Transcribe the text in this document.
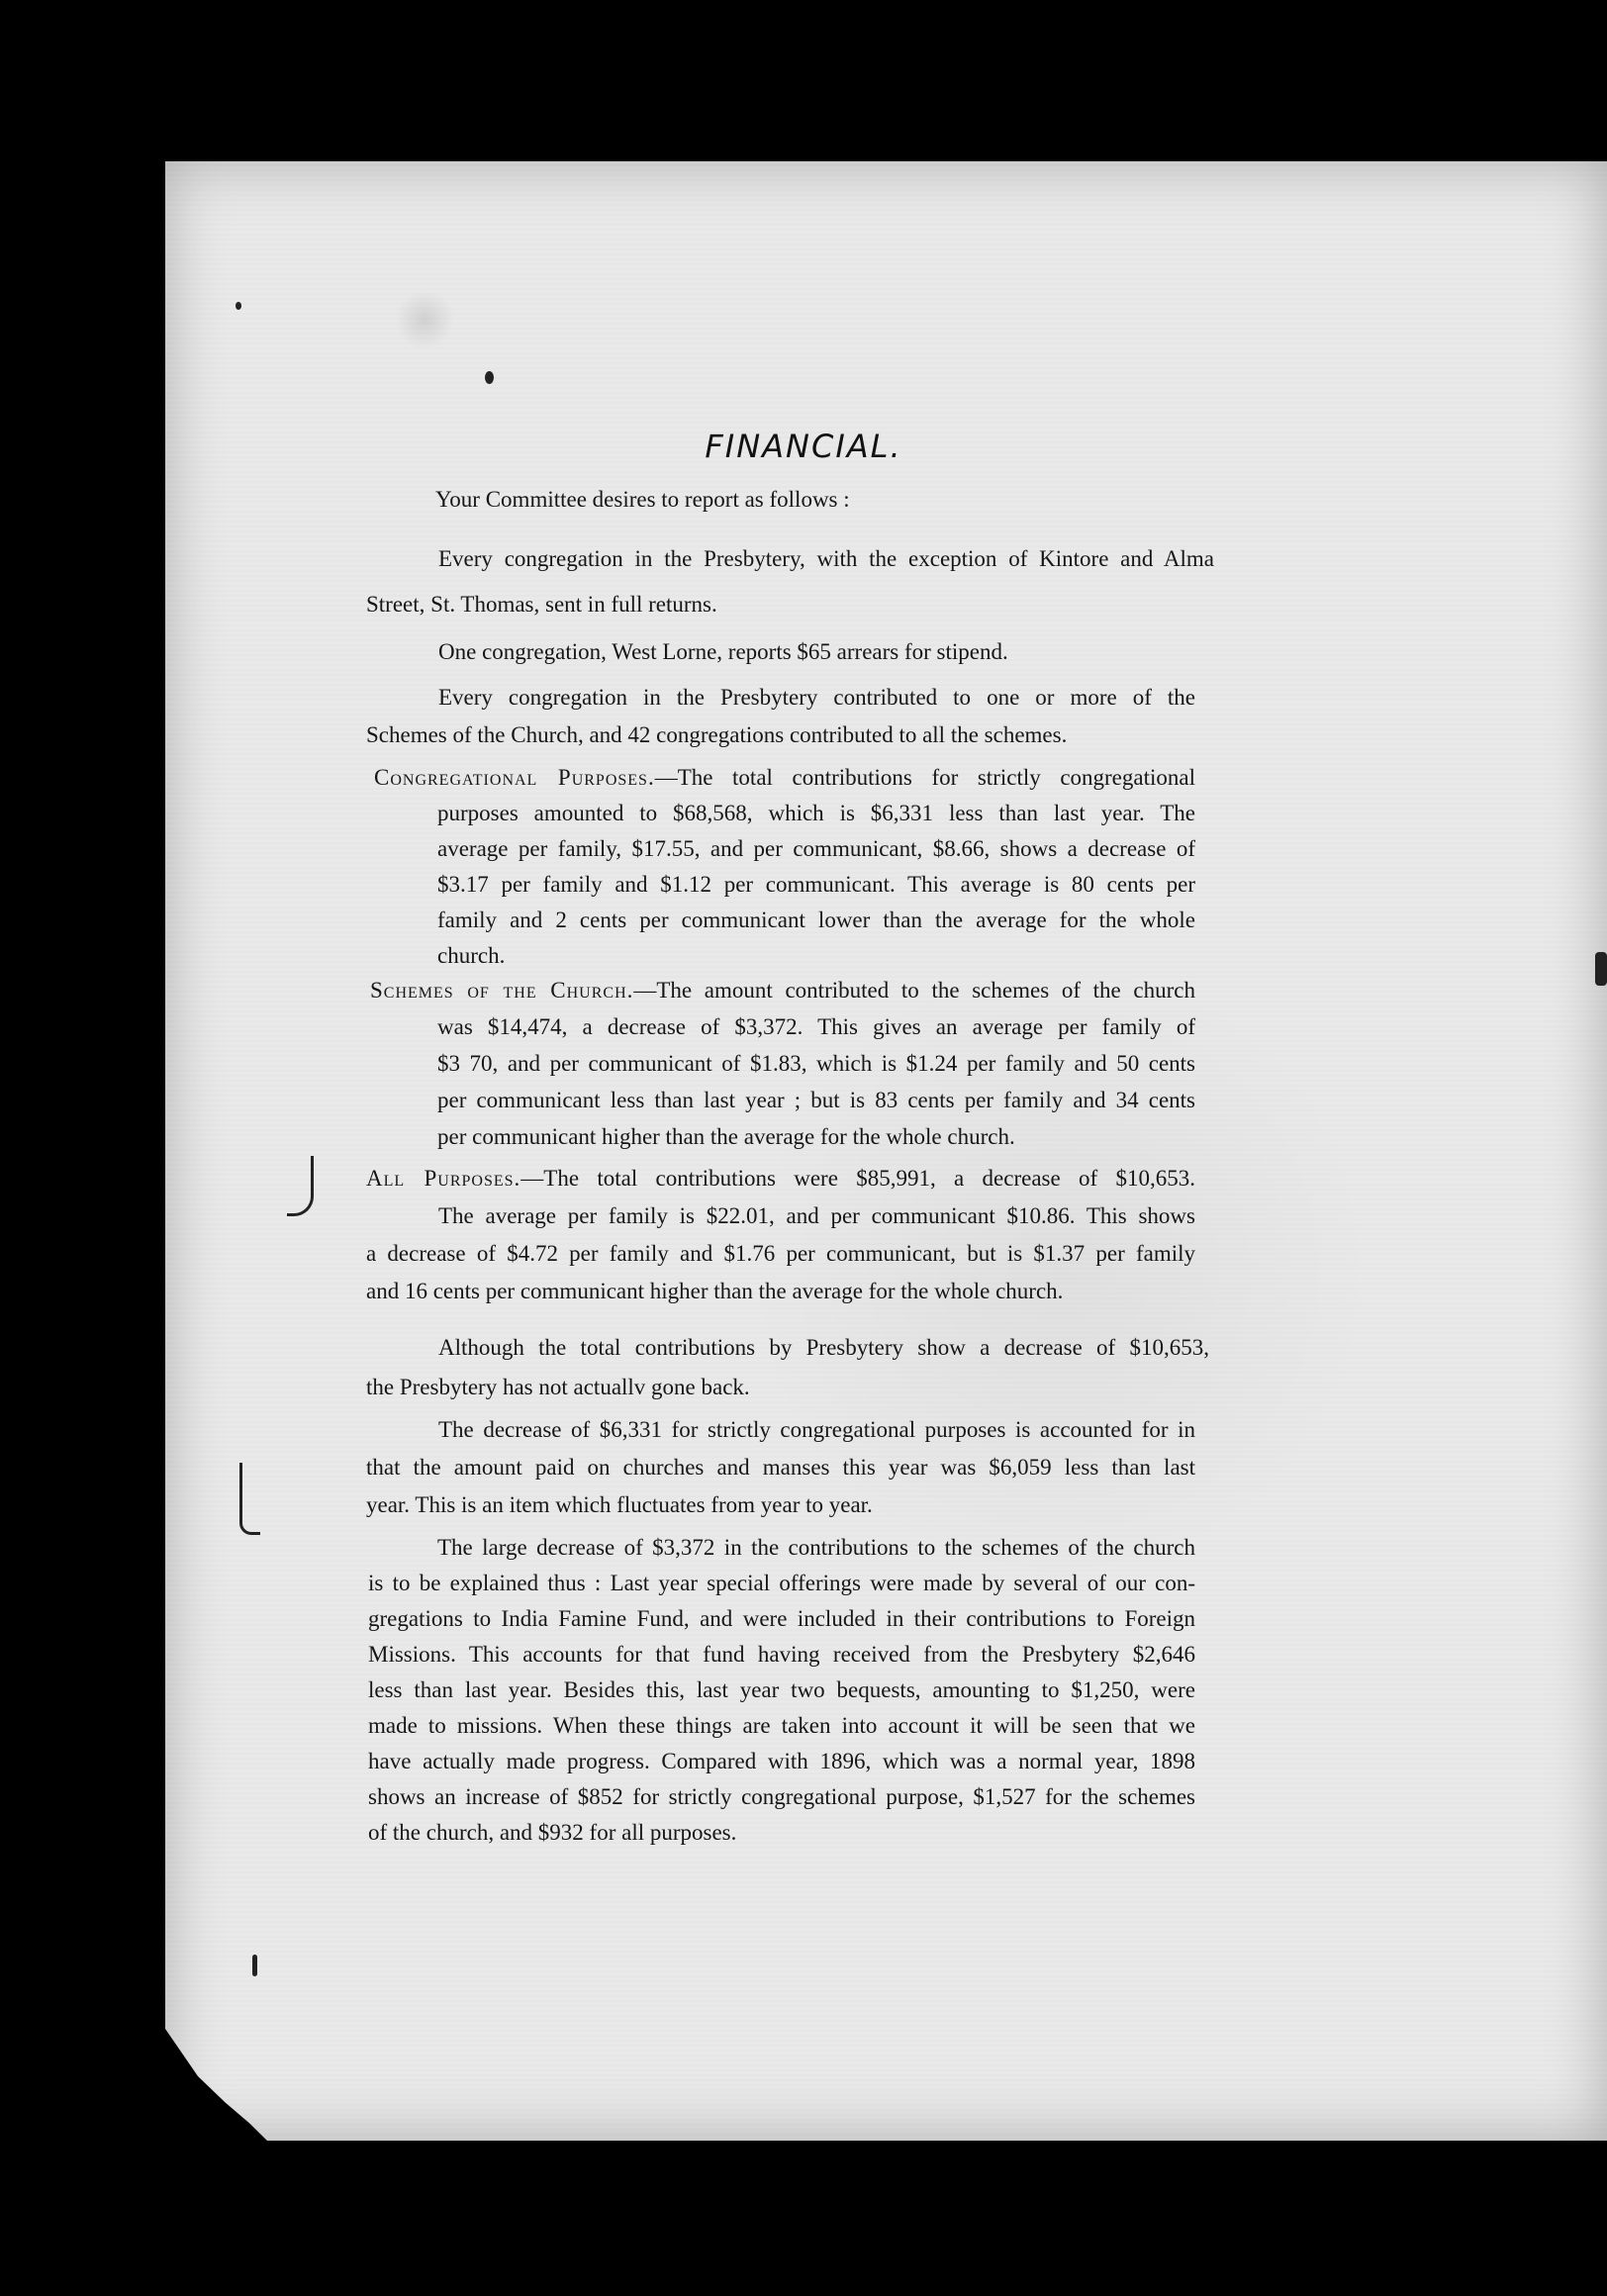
FINANCIAL.
Your Committee desires to report as follows :
Every congregation in the Presbytery, with the exception of Kintore and Alma
Street, St. Thomas, sent in full returns.
One congregation, West Lorne, reports $65 arrears for stipend.
Every congregation in the Presbytery contributed to one or more of the
Schemes of the Church, and 42 congregations contributed to all the schemes.
Congregational Purposes.—The total contributions for strictly congregational
purposes amounted to $68,568, which is $6,331 less than last year. The
average per family, $17.55, and per communicant, $8.66, shows a decrease of
$3.17 per family and $1.12 per communicant. This average is 80 cents per
family and 2 cents per communicant lower than the average for the whole
church.
Schemes of the Church.—The amount contributed to the schemes of the church
was $14,474, a decrease of $3,372. This gives an average per family of
$3 70, and per communicant of $1.83, which is $1.24 per family and 50 cents
per communicant less than last year ; but is 83 cents per family and 34 cents
per communicant higher than the average for the whole church.
All Purposes.—The total contributions were $85,991, a decrease of $10,653.
The average per family is $22.01, and per communicant $10.86. This shows
a decrease of $4.72 per family and $1.76 per communicant, but is $1.37 per family
and 16 cents per communicant higher than the average for the whole church.
Although the total contributions by Presbytery show a decrease of $10,653,
the Presbytery has not actuallv gone back.
The decrease of $6,331 for strictly congregational purposes is accounted for in
that the amount paid on churches and manses this year was $6,059 less than last
year. This is an item which fluctuates from year to year.
The large decrease of $3,372 in the contributions to the schemes of the church
is to be explained thus : Last year special offerings were made by several of our con-
gregations to India Famine Fund, and were included in their contributions to Foreign
Missions. This accounts for that fund having received from the Presbytery $2,646
less than last year. Besides this, last year two bequests, amounting to $1,250, were
made to missions. When these things are taken into account it will be seen that we
have actually made progress. Compared with 1896, which was a normal year, 1898
shows an increase of $852 for strictly congregational purpose, $1,527 for the schemes
of the church, and $932 for all purposes.
